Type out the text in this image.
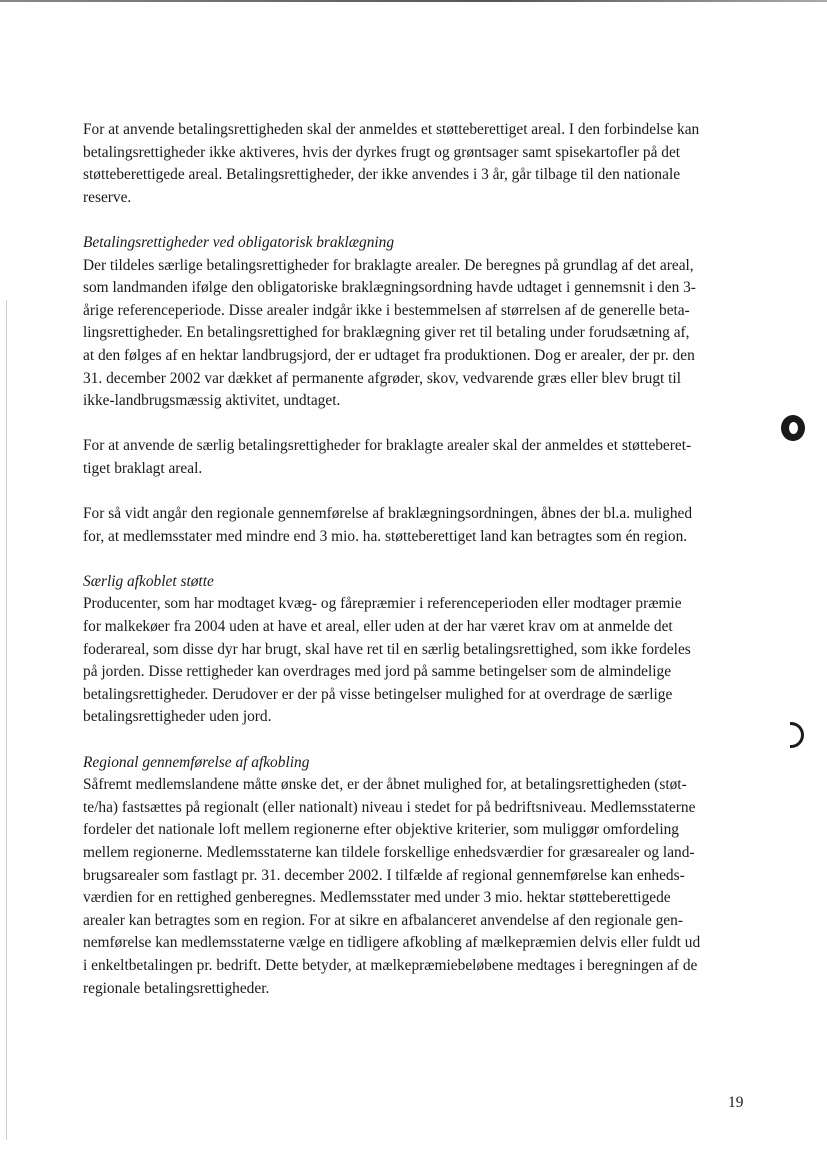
For at anvende betalingsrettigheden skal der anmeldes et støtteberettiget areal. I den forbindelse kan
betalingsrettigheder ikke aktiveres, hvis der dyrkes frugt og grøntsager samt spisekartofler på det
støtteberettigede areal. Betalingsrettigheder, der ikke anvendes i 3 år, går tilbage til den nationale
reserve.

Betalingsrettigheder ved obligatorisk braklægning

Der tildeles særlige betalingsrettigheder for braklagte arealer. De beregnes på grundlag af det areal,
som landmanden ifølge den obligatoriske braklægningsordning havde udtaget i gennemsnit i den 3-
årige referenceperiode. Disse arealer indgår ikke i bestemmelsen af størrelsen af de generelle beta-
lingsrettigheder. En betalingsrettighed for braklægning giver ret til betaling under forudsætning af,
at den følges af en hektar landbrugsjord, der er udtaget fra produktionen. Dog er arealer, der pr. den
31. december 2002 var dækket af permanente afgrøder, skov, vedvarende græs eller blev brugt til
ikke-landbrugsmæssig aktivitet, undtaget.

For at anvende de særlig betalingsrettigheder for braklagte arealer skal der anmeldes et støtteberet-
tiget braklagt areal.

For så vidt angår den regionale gennemførelse af braklægningsordningen, åbnes der bl.a. mulighed
for, at medlemsstater med mindre end 3 mio. ha. støtteberettiget land kan betragtes som én region.

Særlig afkoblet støtte

Producenter, som har modtaget kvæg- og fårepræmier i referenceperioden eller modtager præmie
for malkekøer fra 2004 uden at have et areal, eller uden at der har været krav om at anmelde det
foderareal, som disse dyr har brugt, skal have ret til en særlig betalingsrettighed, som ikke fordeles
på jorden. Disse rettigheder kan overdrages med jord på samme betingelser som de almindelige
betalingsrettigheder. Derudover er der på visse betingelser mulighed for at overdrage de særlige
betalingsrettigheder uden jord.

Regional gennemførelse af afkobling

Såfremt medlemslandene måtte ønske det, er der åbnet mulighed for, at betalingsrettigheden (støt-
te/ha) fastsættes på regionalt (eller nationalt) niveau i stedet for på bedriftsniveau. Medlemsstaterne
fordeler det nationale loft mellem regionerne efter objektive kriterier, som muliggør omfordeling
mellem regionerne. Medlemsstaterne kan tildele forskellige enhedsværdier for græsarealer og land-
brugsarealer som fastlagt pr. 31. december 2002. I tilfælde af regional gennemførelse kan enheds-
værdien for en rettighed genberegnes. Medlemsstater med under 3 mio. hektar støtteberettigede
arealer kan betragtes som en region. For at sikre en afbalanceret anvendelse af den regionale gen-
nemførelse kan medlemsstaterne vælge en tidligere afkobling af mælkepræmien delvis eller fuldt ud
i enkeltbetalingen pr. bedrift. Dette betyder, at mælkepræmiebeløbene medtages i beregningen af de
regionale betalingsrettigheder.

19
